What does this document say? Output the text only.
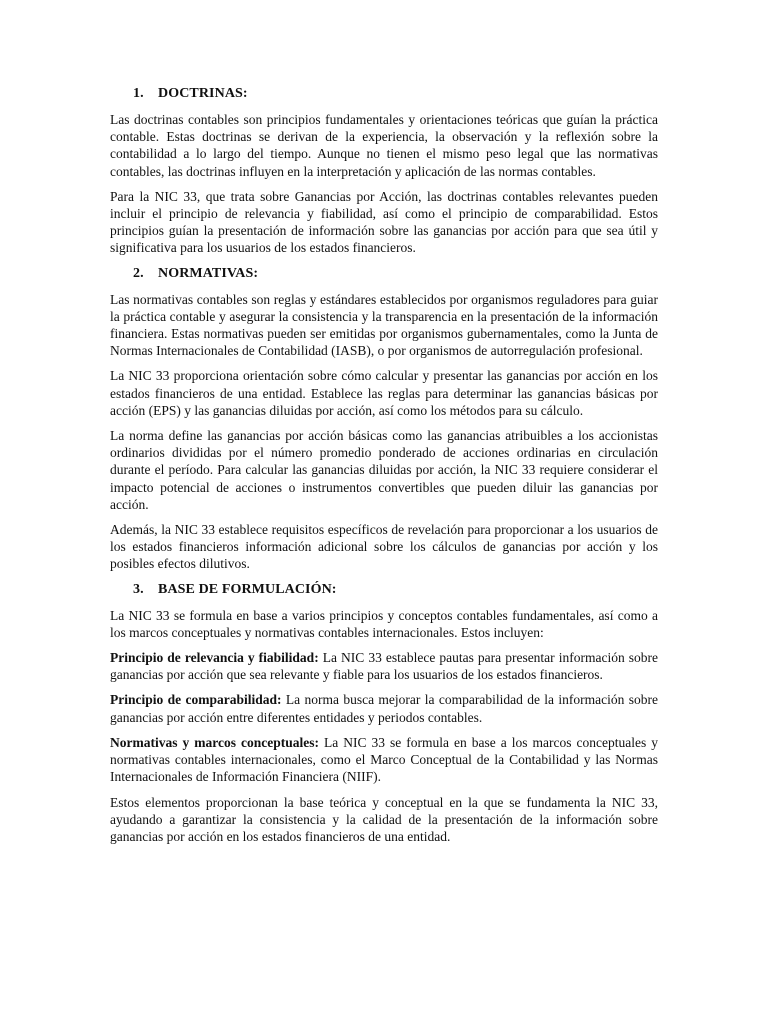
1. DOCTRINAS:

Las doctrinas contables son principios fundamentales y orientaciones teóricas que guían la práctica contable. Estas doctrinas se derivan de la experiencia, la observación y la reflexión sobre la contabilidad a lo largo del tiempo. Aunque no tienen el mismo peso legal que las normativas contables, las doctrinas influyen en la interpretación y aplicación de las normas contables.

Para la NIC 33, que trata sobre Ganancias por Acción, las doctrinas contables relevantes pueden incluir el principio de relevancia y fiabilidad, así como el principio de comparabilidad. Estos principios guían la presentación de información sobre las ganancias por acción para que sea útil y significativa para los usuarios de los estados financieros.

2. NORMATIVAS:

Las normativas contables son reglas y estándares establecidos por organismos reguladores para guiar la práctica contable y asegurar la consistencia y la transparencia en la presentación de la información financiera. Estas normativas pueden ser emitidas por organismos gubernamentales, como la Junta de Normas Internacionales de Contabilidad (IASB), o por organismos de autorregulación profesional.

La NIC 33 proporciona orientación sobre cómo calcular y presentar las ganancias por acción en los estados financieros de una entidad. Establece las reglas para determinar las ganancias básicas por acción (EPS) y las ganancias diluidas por acción, así como los métodos para su cálculo.

La norma define las ganancias por acción básicas como las ganancias atribuibles a los accionistas ordinarios divididas por el número promedio ponderado de acciones ordinarias en circulación durante el período. Para calcular las ganancias diluidas por acción, la NIC 33 requiere considerar el impacto potencial de acciones o instrumentos convertibles que pueden diluir las ganancias por acción.

Además, la NIC 33 establece requisitos específicos de revelación para proporcionar a los usuarios de los estados financieros información adicional sobre los cálculos de ganancias por acción y los posibles efectos dilutivos.

3. BASE DE FORMULACIÓN:

La NIC 33 se formula en base a varios principios y conceptos contables fundamentales, así como a los marcos conceptuales y normativas contables internacionales. Estos incluyen:

Principio de relevancia y fiabilidad: La NIC 33 establece pautas para presentar información sobre ganancias por acción que sea relevante y fiable para los usuarios de los estados financieros.

Principio de comparabilidad: La norma busca mejorar la comparabilidad de la información sobre ganancias por acción entre diferentes entidades y periodos contables.

Normativas y marcos conceptuales: La NIC 33 se formula en base a los marcos conceptuales y normativas contables internacionales, como el Marco Conceptual de la Contabilidad y las Normas Internacionales de Información Financiera (NIIF).

Estos elementos proporcionan la base teórica y conceptual en la que se fundamenta la NIC 33, ayudando a garantizar la consistencia y la calidad de la presentación de la información sobre ganancias por acción en los estados financieros de una entidad.
